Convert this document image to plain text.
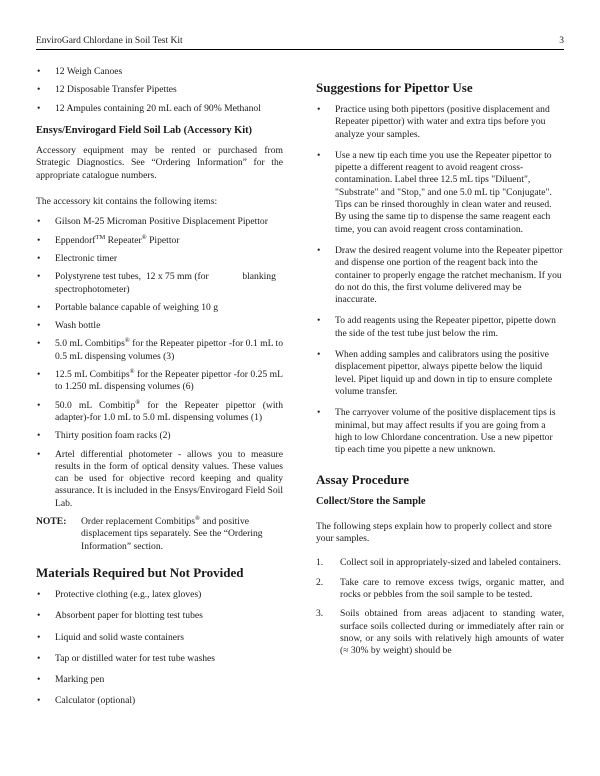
EnviroGard Chlordane in Soil Test Kit	3
• 12 Weigh Canoes
• 12 Disposable Transfer Pipettes
• 12 Ampules containing 20 mL each of 90% Methanol
Ensys/Envirogard Field Soil Lab (Accessory Kit)

Accessory equipment may be rented or purchased from Strategic Diagnostics. See “Ordering Information” for the appropriate catalogue numbers.

The accessory kit contains the following items:

• Gilson M-25 Microman Positive Displacement Pipettor
• Eppendorf™ Repeater® Pipettor
• Electronic timer
• Polystyrene test tubes,  12 x 75 mm (for              blanking spectrophotometer)
• Portable balance capable of weighing 10 g
• Wash bottle
• 5.0 mL Combitips® for the Repeater pipettor -for 0.1 mL to 0.5 mL dispensing volumes (3)
• 12.5 mL Combitips® for the Repeater pipettor -for 0.25 mL to 1.250 mL dispensing volumes (6)
• 50.0 mL Combitip® for the Repeater pipettor (with adapter)-for 1.0 mL to 5.0 mL dispensing volumes (1)
• Thirty position foam racks (2)
• Artel differential photometer - allows you to measure results in the form of optical density values. These values can be used for objective record keeping and quality assurance. It is included in the Ensys/Envirogard Field Soil Lab.
NOTE: Order replacement Combitips® and positive displacement tips separately. See the “Ordering Information” section.
Materials Required but Not Provided
• Protective clothing (e.g., latex gloves)
• Absorbent paper for blotting test tubes
• Liquid and solid waste containers
• Tap or distilled water for test tube washes
• Marking pen
• Calculator (optional)
Suggestions for Pipettor Use
• Practice using both pipettors (positive displacement and Repeater pipettor) with water and extra tips before you analyze your samples.
• Use a new tip each time you use the Repeater pipettor to pipette a different reagent to avoid reagent cross-contamination. Label three 12.5 mL tips "Diluent", "Substrate" and "Stop," and one 5.0 mL tip "Conjugate". Tips can be rinsed thoroughly in clean water and reused. By using the same tip to dispense the same reagent each time, you can avoid reagent cross contamination.
• Draw the desired reagent volume into the Repeater pipettor and dispense one portion of the reagent back into the container to properly engage the ratchet mechanism. If you do not do this, the first volume delivered may be inaccurate.
• To add reagents using the Repeater pipettor, pipette down the side of the test tube just below the rim.
• When adding samples and calibrators using the positive displacement pipettor, always pipette below the liquid level. Pipet liquid up and down in tip to ensure complete volume transfer.
• The carryover volume of the positive displacement tips is minimal, but may affect results if you are going from a high to low Chlordane concentration. Use a new pipettor tip each time you pipette a new unknown.
Assay Procedure
Collect/Store the Sample

The following steps explain how to properly collect and store your samples.

1. Collect soil in appropriately-sized and labeled containers.
2. Take care to remove excess twigs, organic matter, and rocks or pebbles from the soil sample to be tested.
3. Soils obtained from areas adjacent to standing water, surface soils collected during or immediately after rain or snow, or any soils with relatively high amounts of water (≈ 30% by weight) should be
